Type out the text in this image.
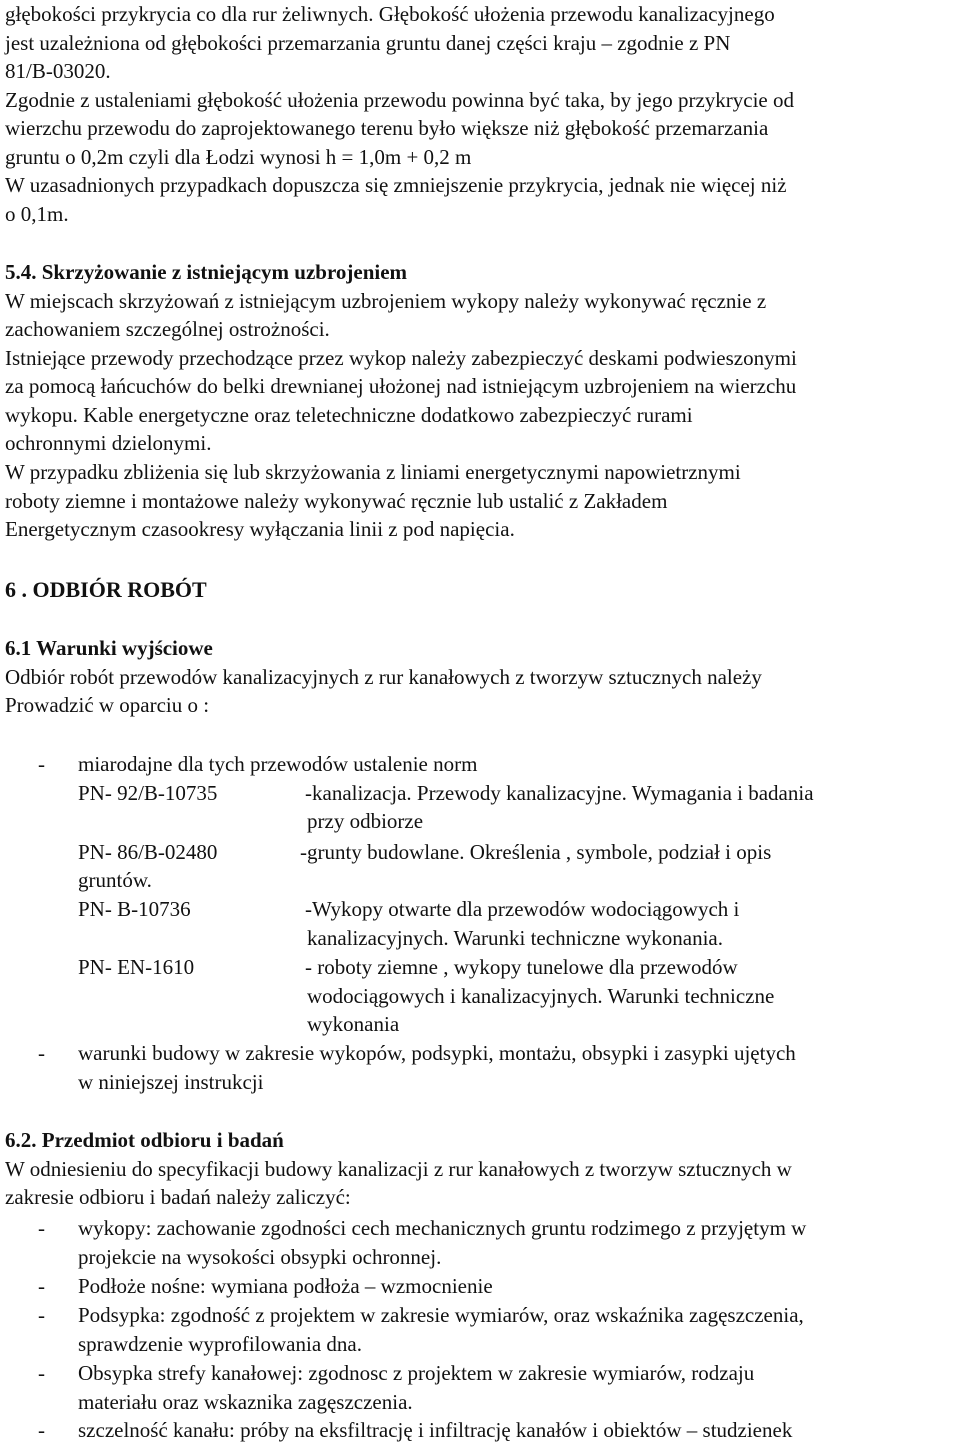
głębokości przykrycia co dla rur żeliwnych. Głębokość ułożenia przewodu kanalizacyjnego
jest uzależniona od głębokości przemarzania gruntu danej części kraju – zgodnie z PN
81/B-03020.
Zgodnie z ustaleniami głębokość ułożenia przewodu powinna być taka, by jego przykrycie od
wierzchu przewodu do zaprojektowanego terenu było większe niż głębokość przemarzania
gruntu o 0,2m czyli dla Łodzi wynosi h = 1,0m + 0,2 m
W uzasadnionych przypadkach dopuszcza się zmniejszenie przykrycia, jednak nie więcej niż
o 0,1m.
5.4. Skrzyżowanie z istniejącym uzbrojeniem
W miejscach skrzyżowań z istniejącym uzbrojeniem wykopy należy wykonywać ręcznie z
zachowaniem szczególnej ostrożności.
Istniejące przewody przechodzące przez wykop należy zabezpieczyć deskami podwieszonymi
za pomocą łańcuchów do belki drewnianej ułożonej nad istniejącym uzbrojeniem na wierzchu
wykopu. Kable energetyczne oraz teletechniczne dodatkowo zabezpieczyć rurami
ochronnymi dzielonymi.
W przypadku zbliżenia się lub skrzyżowania z liniami energetycznymi napowietrznymi
roboty ziemne i montażowe należy wykonywać ręcznie lub ustalić z Zakładem
Energetycznym czasookresy wyłączania linii z pod napięcia.
6 . ODBIÓR ROBÓT
6.1 Warunki wyjściowe
Odbiór robót przewodów kanalizacyjnych z rur kanałowych z tworzyw sztucznych należy
Prowadzić w oparciu o :
- miarodajne dla tych przewodów ustalenie norm
PN- 92/B-10735	-kanalizacja. Przewody kanalizacyjne. Wymagania i badania
przy odbiorze
PN- 86/B-02480	-grunty budowlane. Określenia , symbole, podział i opis
gruntów.
PN- B-10736	-Wykopy otwarte dla przewodów wodociągowych i
kanalizacyjnych. Warunki techniczne wykonania.
PN- EN-1610	- roboty ziemne , wykopy tunelowe dla przewodów
wodociągowych i kanalizacyjnych. Warunki techniczne
wykonania
- warunki budowy w zakresie wykopów, podsypki, montażu, obsypki i zasypki ujętych
w niniejszej instrukcji
6.2. Przedmiot odbioru i badań
W odniesieniu do specyfikacji budowy kanalizacji z rur kanałowych z tworzyw sztucznych w
zakresie odbioru i badań należy zaliczyć:
- wykopy: zachowanie zgodności cech mechanicznych gruntu rodzimego z przyjętym w
projekcie na wysokości obsypki ochronnej.
- Podłoże nośne: wymiana podłoża – wzmocnienie
- Podsypka: zgodność z projektem w zakresie wymiarów, oraz wskaźnika zagęszczenia,
sprawdzenie wyprofilowania dna.
- Obsypka strefy kanałowej: zgodnosc z projektem w zakresie wymiarów, rodzaju
materiału oraz wskaznika zagęszczenia.
- szczelność kanału: próby na eksfiltrację i infiltrację kanałów i obiektów – studzienek
